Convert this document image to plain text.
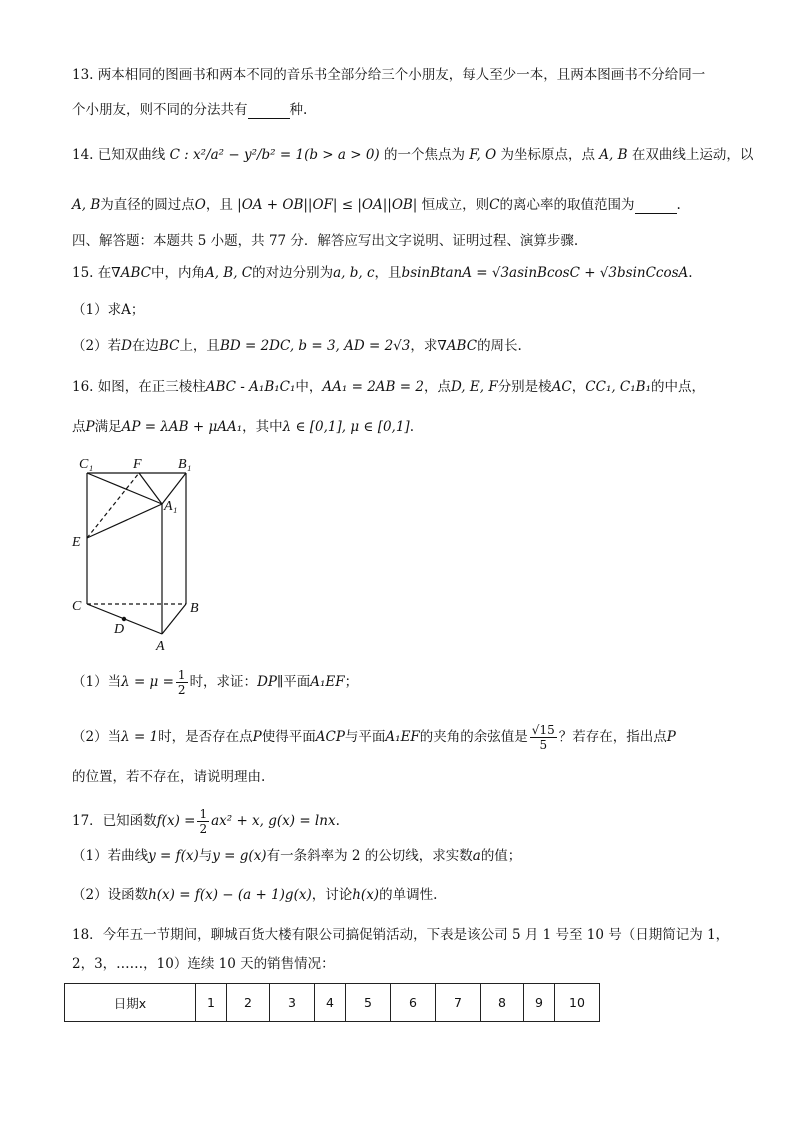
13. 两本相同的图画书和两本不同的音乐书全部分给三个小朋友，每人至少一本，且两本图画书不分给同一
个小朋友，则不同的分法共有	种.
14. 已知双曲线 C : x²/a² − y²/b² = 1(b > a > 0) 的一个焦点为 F, O 为坐标原点，点 A, B 在双曲线上运动，以
A, B为直径的圆过点O，且 |OA + OB||OF| ≤ |OA||OB| 恒成立，则C的离心率的取值范围为	.
四、解答题：本题共 5 小题，共 77 分．解答应写出文字说明、证明过程、演算步骤.
15. 在∇ABC中，内角A, B, C的对边分别为a, b, c，且bsinBtanA = √3asinBcosC + √3bsinCcosA.
（1）求A；
（2）若D在边BC上，且BD = 2DC, b = 3, AD = 2√3，求∇ABC的周长.
16. 如图，在正三棱柱ABC - A₁B₁C₁中，AA₁ = 2AB = 2，点D, E, F分别是棱AC，CC₁, C₁B₁的中点，
点P满足AP = λAB + μAA₁，其中λ ∈ [0,1], μ ∈ [0,1].
C₁	F	B₁
A₁
E
C	B
D
A
（1）当$\lambda = \mu = \frac{1}{2}$ 时，求证：DP∥平面A₁EF；
（2）当λ = 1时，是否存在点P使得平面ACP与平面A₁EF的夹角的余弦值是 $\frac{√15}{5}$ ？若存在，指出点P
的位置，若不存在，请说明理由.
17．已知函数$f(x) = \frac{1}{2} ax^2 + x$, g(x) = lnx.
（1）若曲线y = f(x)与y = g(x)有一条斜率为 2 的公切线，求实数a的值；
（2）设函数h(x) = f(x) − (a + 1)g(x)，讨论h(x)的单调性.
18．今年五一节期间，聊城百货大楼有限公司搞促销活动，下表是该公司 5 月 1 号至 10 号（日期简记为 1，
2，3，……，10）连续 10 天的销售情况：
日期x	1	2	3	4	5	6	7	8	9	10
